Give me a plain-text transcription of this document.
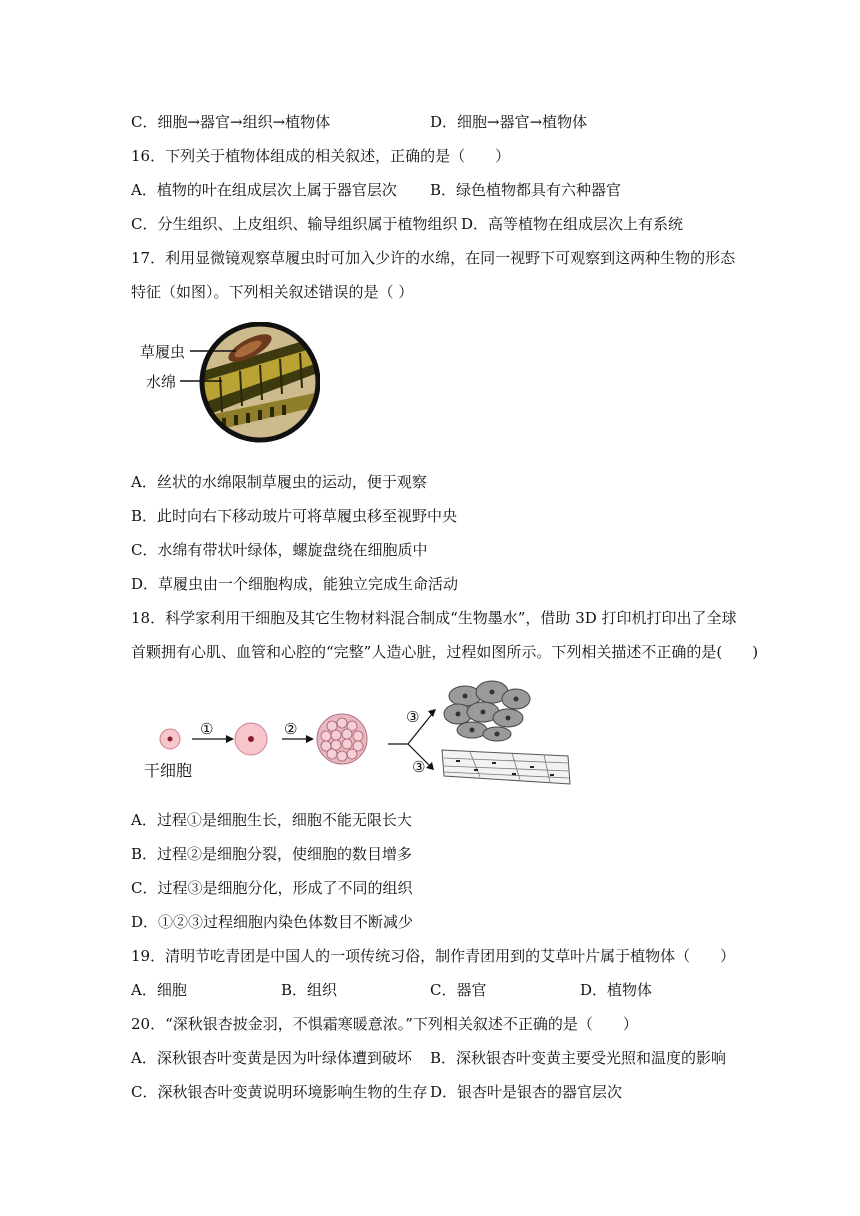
C．细胞→器官→组织→植物体	D．细胞→器官→植物体
16．下列关于植物体组成的相关叙述，正确的是（　　）
A．植物的叶在组成层次上属于器官层次 B．绿色植物都具有六种器官
C．分生组织、上皮组织、输导组织属于植物组织 D．高等植物在组成层次上有系统
17．利用显微镜观察草履虫时可加入少许的水绵，在同一视野下可观察到这两种生物的形态
特征（如图）。下列相关叙述错误的是（ ）
草履虫
水绵
A．丝状的水绵限制草履虫的运动，便于观察
B．此时向右下移动玻片可将草履虫移至视野中央
C．水绵有带状叶绿体，螺旋盘绕在细胞质中
D．草履虫由一个细胞构成，能独立完成生命活动
18．科学家利用干细胞及其它生物材料混合制成“生物墨水”，借助 3D 打印机打印出了全球
首颗拥有心肌、血管和心腔的“完整”人造心脏，过程如图所示。下列相关描述不正确的是(　　)
干细胞
①	②
③
③
A．过程①是细胞生长，细胞不能无限长大
B．过程②是细胞分裂，使细胞的数目增多
C．过程③是细胞分化，形成了不同的组织
D．①②③过程细胞内染色体数目不断减少
19．清明节吃青团是中国人的一项传统习俗，制作青团用到的艾草叶片属于植物体（　　）
A．细胞	B．组织	C．器官	D．植物体
20．“深秋银杏披金羽，不惧霜寒暖意浓。”下列相关叙述不正确的是（　　）
A．深秋银杏叶变黄是因为叶绿体遭到破坏 B．深秋银杏叶变黄主要受光照和温度的影响
C．深秋银杏叶变黄说明环境影响生物的生存 D．银杏叶是银杏的器官层次
